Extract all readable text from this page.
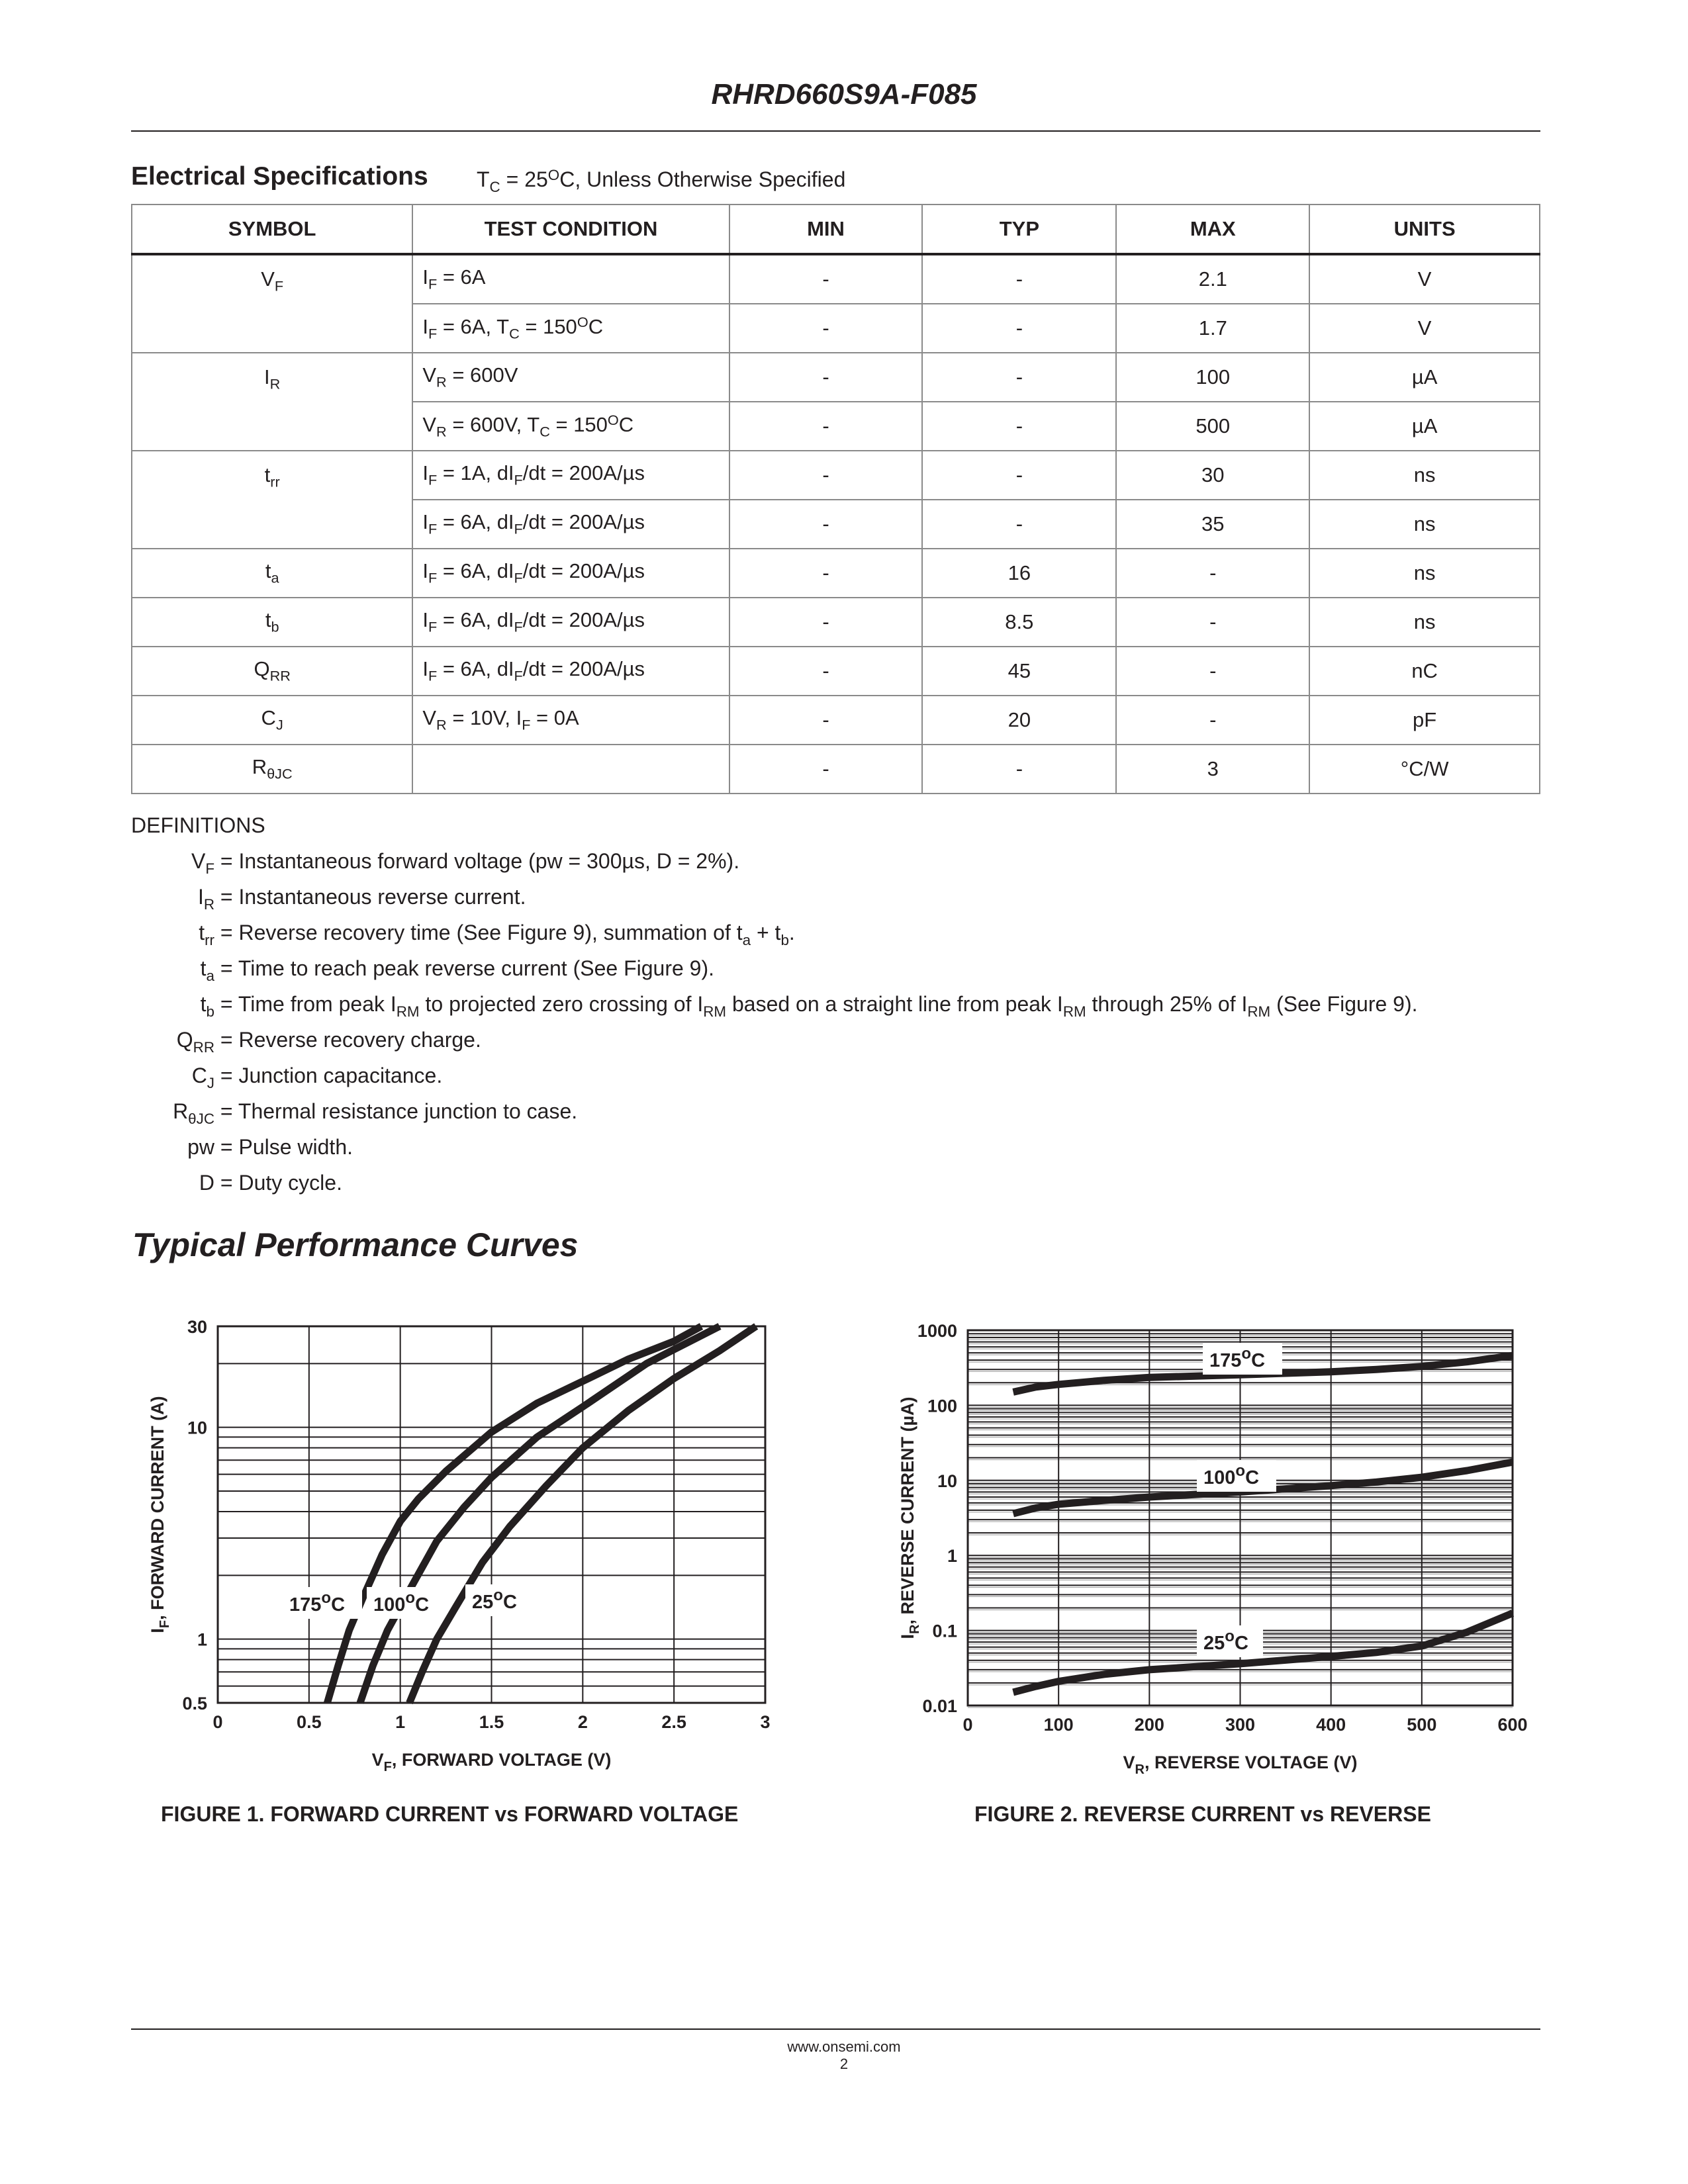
RHRD660S9A-F085
Electrical Specifications $T_C = 25^OC$, Unless Otherwise Specified
SYMBOL	TEST CONDITION	MIN	TYP	MAX	UNITS
$V_F$	$I_F = 6A$	-	-	2.1	V
	$I_F = 6A$, $T_C = 150^OC$	-	-	1.7	V
$I_R$	$V_R = 600V$	-	-	100	µA
	$V_R = 600V$, $T_C = 150^OC$	-	-	500	µA
$t_{rr}$	$I_F = 1A$, $dI_F/dt = 200A/\mu s$	-	-	30	ns
	$I_F = 6A$, $dI_F/dt = 200A/\mu s$	-	-	35	ns
$t_a$	$I_F = 6A$, $dI_F/dt = 200A/\mu s$	-	16	-	ns
$t_b$	$I_F = 6A$, $dI_F/dt = 200A/\mu s$	-	8.5	-	ns
$Q_{RR}$	$I_F = 6A$, $dI_F/dt = 200A/\mu s$	-	45	-	nC
$C_J$	$V_R = 10V$, $I_F = 0A$	-	20	-	pF
$R_{\theta JC}$		-	-	3	°C/W
DEFINITIONS
$V_F$ = Instantaneous forward voltage (pw = 300µs, D = 2%).
$I_R$ = Instantaneous reverse current.
$t_{rr}$ = Reverse recovery time (See Figure 9), summation of $t_a + t_b$.
$t_a$ = Time to reach peak reverse current (See Figure 9).
$t_b$ = Time from peak $I_{RM}$ to projected zero crossing of $I_{RM}$ based on a straight line from peak $I_{RM}$ through 25% of $I_{RM}$ (See Figure 9).
$Q_{RR}$ = Reverse recovery charge.
$C_J$ = Junction capacitance.
$R_{\theta JC}$ = Thermal resistance junction to case.
pw = Pulse width.
D = Duty cycle.
Typical Performance Curves
0	0.5	1	1.5	2	2.5	3
0.5
1
10
30
175$^o$C 100$^o$C 25$^o$C
$V_F$, FORWARD VOLTAGE (V)
$I_F$, FORWARD CURRENT (A)
0	100	200	300	400	500	600
0.01
0.1
1
10
100
1000
175$^o$C
100$^o$C
25$^o$C
$V_R$, REVERSE VOLTAGE (V)
$I_R$, REVERSE CURRENT (µA)
FIGURE 1. FORWARD CURRENT vs FORWARD VOLTAGE	FIGURE 2. REVERSE CURRENT vs REVERSE
www.onsemi.com
2
